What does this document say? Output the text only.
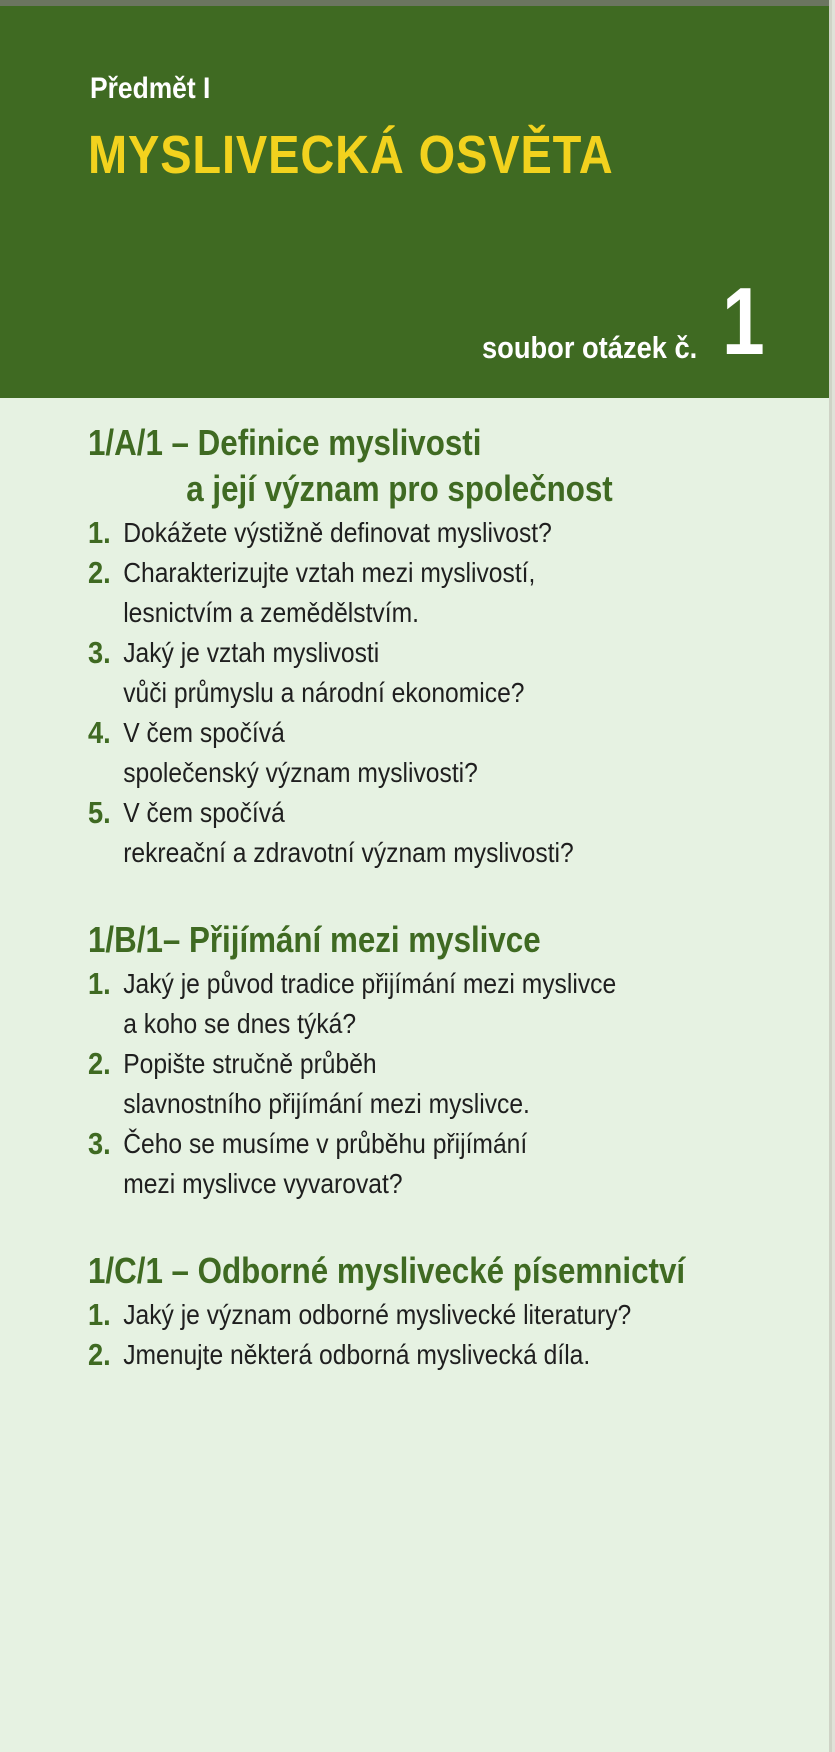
Předmět I
MYSLIVECKÁ OSVĚTA
soubor otázek č. 1
1/A/1 – Definice myslivosti
a její význam pro společnost
1. Dokážete výstižně definovat myslivost?
2. Charakterizujte vztah mezi myslivostí,
lesnictvím a zemědělstvím.
3. Jaký je vztah myslivosti
vůči průmyslu a národní ekonomice?
4. V čem spočívá
společenský význam myslivosti?
5. V čem spočívá
rekreační a zdravotní význam myslivosti?
1/B/1– Přijímání mezi myslivce
1. Jaký je původ tradice přijímání mezi myslivce
a koho se dnes týká?
2. Popište stručně průběh
slavnostního přijímání mezi myslivce.
3. Čeho se musíme v průběhu přijímání
mezi myslivce vyvarovat?
1/C/1 – Odborné myslivecké písemnictví
1. Jaký je význam odborné myslivecké literatury?
2. Jmenujte některá odborná myslivecká díla.
